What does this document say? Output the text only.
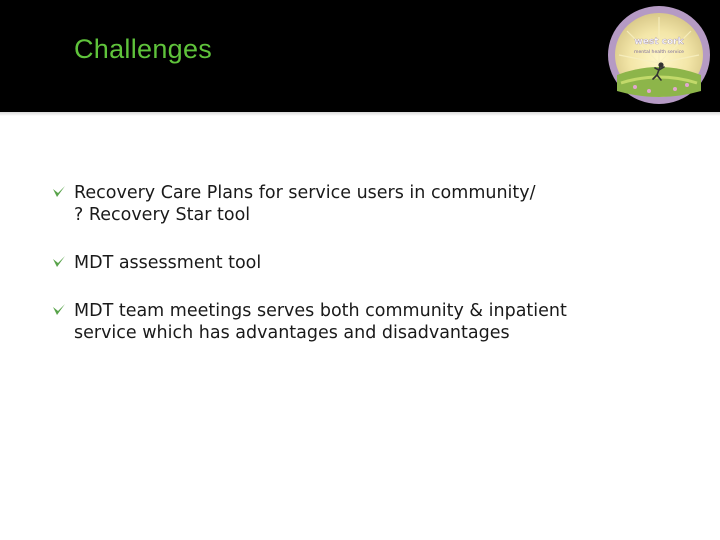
Challenges	west cork
mental health service
Recovery Care Plans for service users in community/
? Recovery Star tool
MDT assessment tool
MDT team meetings serves both community & inpatient
service which has advantages and disadvantages
